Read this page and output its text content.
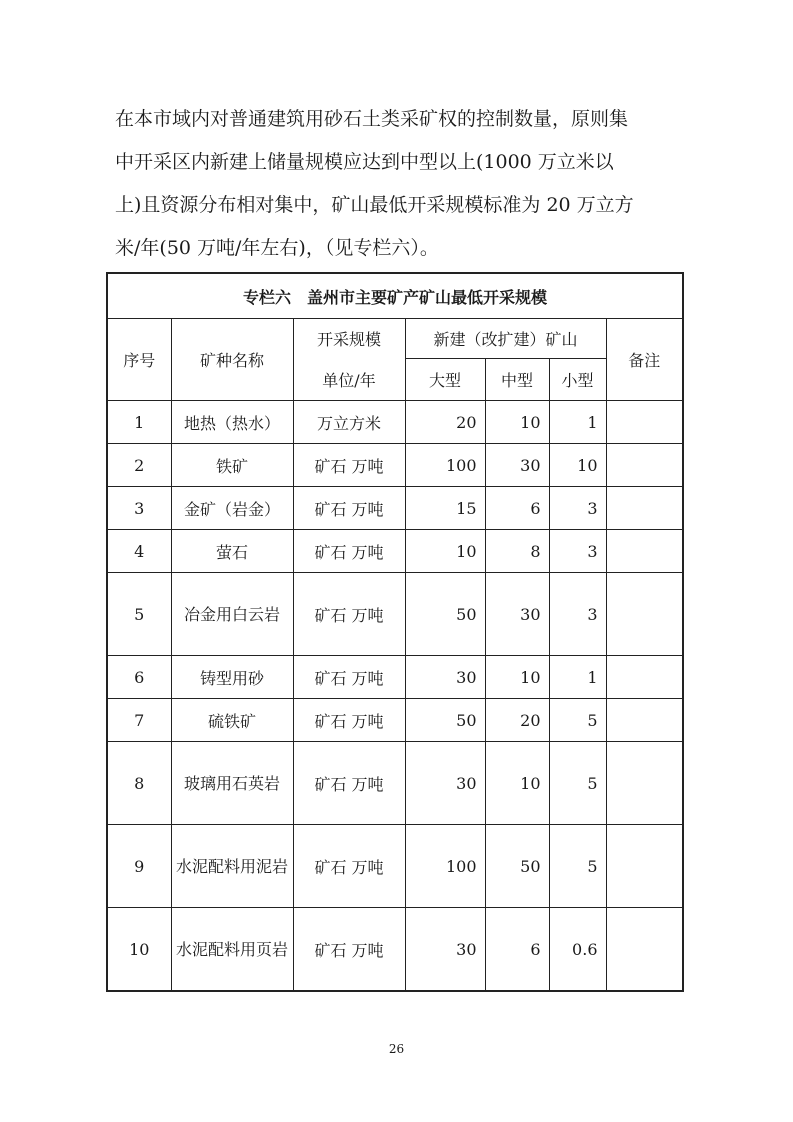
在本市域内对普通建筑用砂石土类采矿权的控制数量，原则集
中开采区内新建上储量规模应达到中型以上(1000 万立米以
上)且资源分布相对集中，矿山最低开采规模标准为 20 万立方
米/年(50 万吨/年左右)，（见专栏六）。
专栏六　盖州市主要矿产矿山最低开采规模						
序号	矿种名称	开采规模	新建（改扩建）矿山			备注
		单位/年	大型	中型	小型	
1	地热（热水）	万立方米	20	10	1	
2	铁矿	矿石 万吨	100	30	10	
3	金矿（岩金）	矿石 万吨	15	6	3	
4	萤石	矿石 万吨	10	8	3	
5	冶金用白云岩	矿石 万吨	50	30	3	
6	铸型用砂	矿石 万吨	30	10	1	
7	硫铁矿	矿石 万吨	50	20	5	
8	玻璃用石英岩	矿石 万吨	30	10	5	
9	水泥配料用泥岩	矿石 万吨	100	50	5	
10	水泥配料用页岩	矿石 万吨	30	6	0.6	
26
